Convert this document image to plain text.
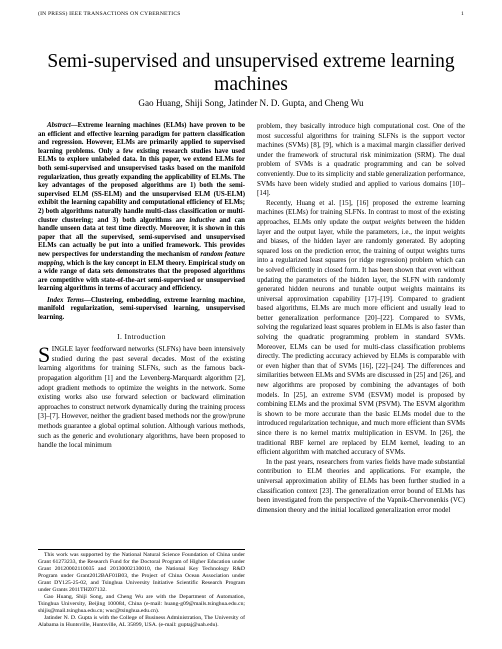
(IN PRESS) IEEE TRANSACTIONS ON CYBERNETICS	1
Semi-supervised and unsupervised extreme learning machines
Gao Huang, Shiji Song, Jatinder N. D. Gupta, and Cheng Wu

Abstract—Extreme learning machines (ELMs) have proven to be an efficient and effective learning paradigm for pattern classification and regression. However, ELMs are primarily applied to supervised learning problems. Only a few existing research studies have used ELMs to explore unlabeled data. In this paper, we extend ELMs for both semi-supervised and unsupervised tasks based on the manifold regularization, thus greatly expanding the applicability of ELMs. The key advantages of the proposed algorithms are 1) both the semi-supervised ELM (SS-ELM) and the unsupervised ELM (US-ELM) exhibit the learning capability and computational efficiency of ELMs; 2) both algorithms naturally handle multi-class classification or multi-cluster clustering; and 3) both algorithms are inductive and can handle unseen data at test time directly. Moreover, it is shown in this paper that all the supervised, semi-supervised and unsupervised ELMs can actually be put into a unified framework. This provides new perspectives for understanding the mechanism of random feature mapping, which is the key concept in ELM theory. Empirical study on a wide range of data sets demonstrates that the proposed algorithms are competitive with state-of-the-art semi-supervised or unsupervised learning algorithms in terms of accuracy and efficiency.

Index Terms—Clustering, embedding, extreme learning machine, manifold regularization, semi-supervised learning, unsupervised learning.

I. Introduction

SINGLE layer feedforward networks (SLFNs) have been intensively studied during the past several decades. Most of the existing learning algorithms for training SLFNs, such as the famous back-propagation algorithm [1] and the Levenberg-Marquardt algorithm [2], adopt gradient methods to optimize the weights in the network. Some existing works also use forward selection or backward elimination approaches to construct network dynamically during the training process [3]–[7]. However, neither the gradient based methods nor the grow/prune methods guarantee a global optimal solution. Although various methods, such as the generic and evolutionary algorithms, have been proposed to handle the local minimum

This work was supported by the National Natural Science Foundation of China under Grant 61273233, the Research Fund for the Doctoral Program of Higher Education under Grant 20120002110035 and 20130002130010, the National Key Technology R&D Program under Grant2012BAF01B03, the Project of China Ocean Association under Grant DY125-25-02, and Tsinghua University Initiative Scientific Research Program under Grants 2011THZ07132.

Gao Huang, Shiji Song, and Cheng Wu are with the Department of Automation, Tsinghua University, Beijing 100084, China (e-mail: huang-g09@mails.tsinghua.edu.cn; shijis@mail.tsinghua.edu.cn; wuc@tsinghua.edu.cn).

Jatinder N. D. Gupta is with the College of Business Administration, The University of Alabama in Huntsville, Huntsville, AL 35899, USA. (e-mail: guptaj@uah.edu).

problem, they basically introduce high computational cost. One of the most successful algorithms for training SLFNs is the support vector machines (SVMs) [8], [9], which is a maximal margin classifier derived under the framework of structural risk minimization (SRM). The dual problem of SVMs is a quadratic programming and can be solved conveniently. Due to its simplicity and stable generalization performance, SVMs have been widely studied and applied to various domains [10]–[14].

Recently, Huang et al. [15], [16] proposed the extreme learning machines (ELMs) for training SLFNs. In contrast to most of the existing approaches, ELMs only update the output weights between the hidden layer and the output layer, while the parameters, i.e., the input weights and biases, of the hidden layer are randomly generated. By adopting squared loss on the prediction error, the training of output weights turns into a regularized least squares (or ridge regression) problem which can be solved efficiently in closed form. It has been shown that even without updating the parameters of the hidden layer, the SLFN with randomly generated hidden neurons and tunable output weights maintains its universal approximation capability [17]–[19]. Compared to gradient based algorithms, ELMs are much more efficient and usually lead to better generalization performance [20]–[22]. Compared to SVMs, solving the regularized least squares problem in ELMs is also faster than solving the quadratic programming problem in standard SVMs. Moreover, ELMs can be used for multi-class classification problems directly. The predicting accuracy achieved by ELMs is comparable with or even higher than that of SVMs [16], [22]–[24]. The differences and similarities between ELMs and SVMs are discussed in [25] and [26], and new algorithms are proposed by combining the advantages of both models. In [25], an extreme SVM (ESVM) model is proposed by combining ELMs and the proximal SVM (PSVM). The ESVM algorithm is shown to be more accurate than the basic ELMs model due to the introduced regularization technique, and much more efficient than SVMs since there is no kernel matrix multiplication in ESVM. In [26], the traditional RBF kernel are replaced by ELM kernel, leading to an efficient algorithm with matched accuracy of SVMs.

In the past years, researchers from varies fields have made substantial contribution to ELM theories and applications. For example, the universal approximation ability of ELMs has been further studied in a classification context [23]. The generalization error bound of ELMs has been investigated from the perspective of the Vapnik-Chervonenkis (VC) dimension theory and the initial localized generalization error model
